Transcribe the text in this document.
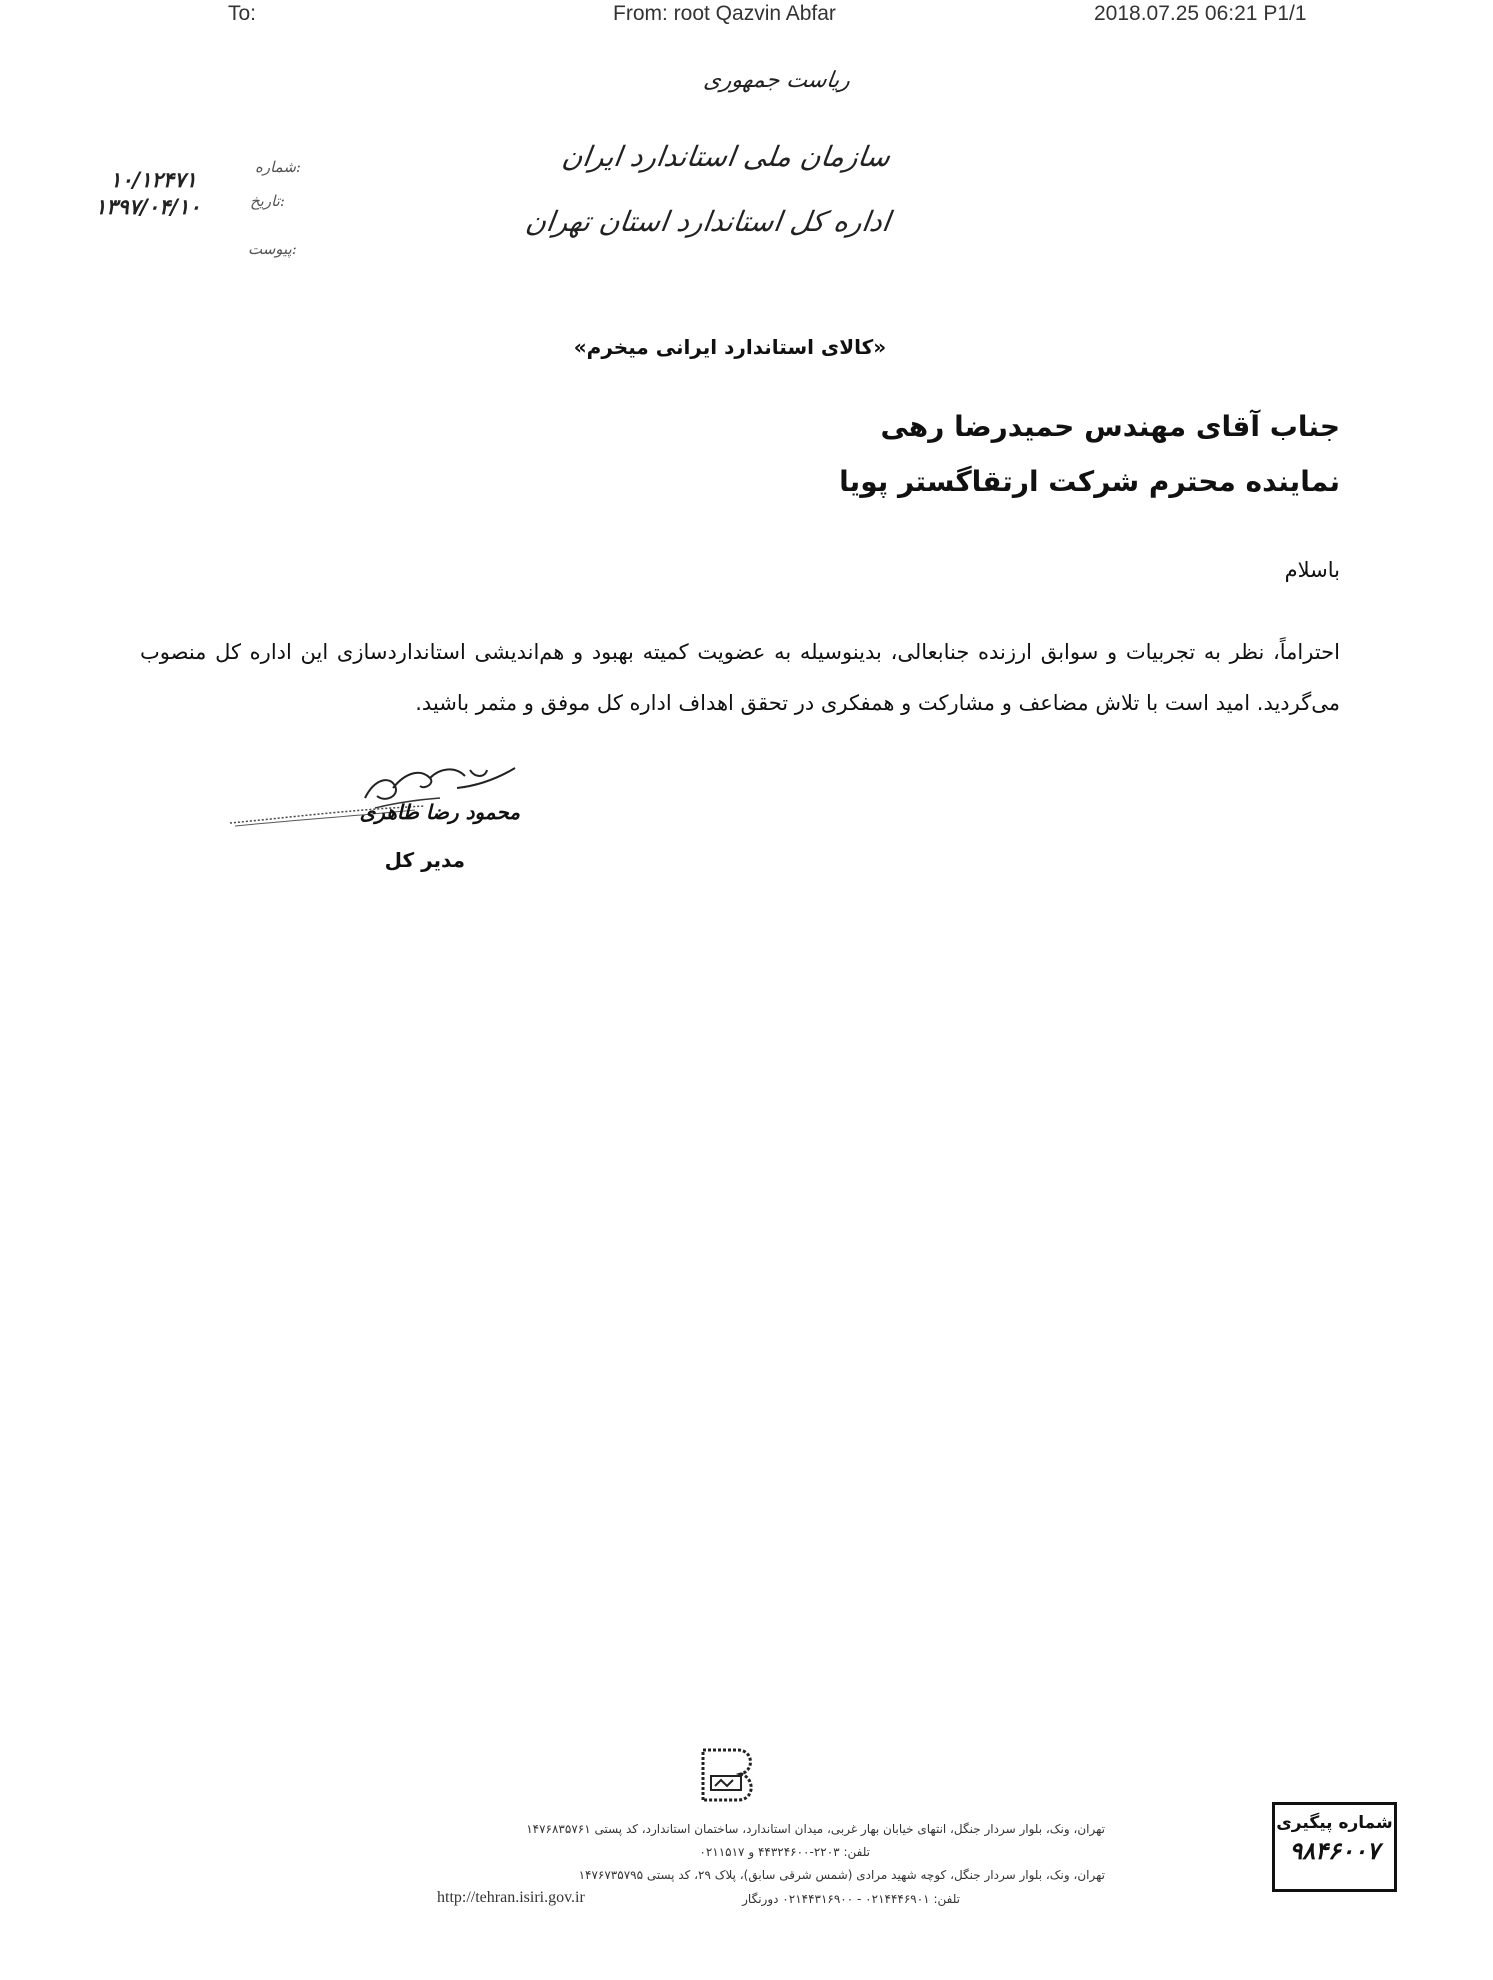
To:	From: root Qazvin Abfar	2018.07.25 06:21 P1/1
ریاست جمهوری
سازمان ملی استاندارد ایران
اداره کل استاندارد استان تهران
شماره:
تاریخ:
پیوست:
۱۰/۱۲۴۷۱
۱۳۹۷/۰۴/۱۰
«کالای استاندارد ایرانی میخرم»
جناب آقای مهندس حمیدرضا رهی
نماینده محترم شرکت ارتقاگستر پویا
باسلام
احتراماً، نظر به تجربیات و سوابق ارزنده جنابعالی، بدینوسیله به عضویت کمیته بهبود و هم‌اندیشی استانداردسازی این اداره کل منصوب می‌گردید. امید است با تلاش مضاعف و مشارکت و همفکری در تحقق اهداف اداره کل موفق و مثمر باشید.
محمود رضا طاهری
مدیر کل
تهران، ونک، بلوار سردار جنگل، انتهای خیابان بهار غربی، میدان استاندارد، ساختمان استاندارد، کد پستی ۱۴۷۶۸۳۵۷۶۱
تلفن: ۲۲۰۳-۴۴۳۲۴۶۰۰ و ۰۲۱۱۵۱۷
تهران، ونک، بلوار سردار جنگل، کوچه شهید مرادی (شمس شرقی سابق)، پلاک ۲۹، کد پستی ۱۴۷۶۷۳۵۷۹۵
تلفن: ۰۲۱۴۴۴۶۹۰۱ - ۰۲۱۴۴۳۱۶۹۰۰ دورنگار
http://tehran.isiri.gov.ir
شماره پیگیری
۹۸۴۶۰۰۷
